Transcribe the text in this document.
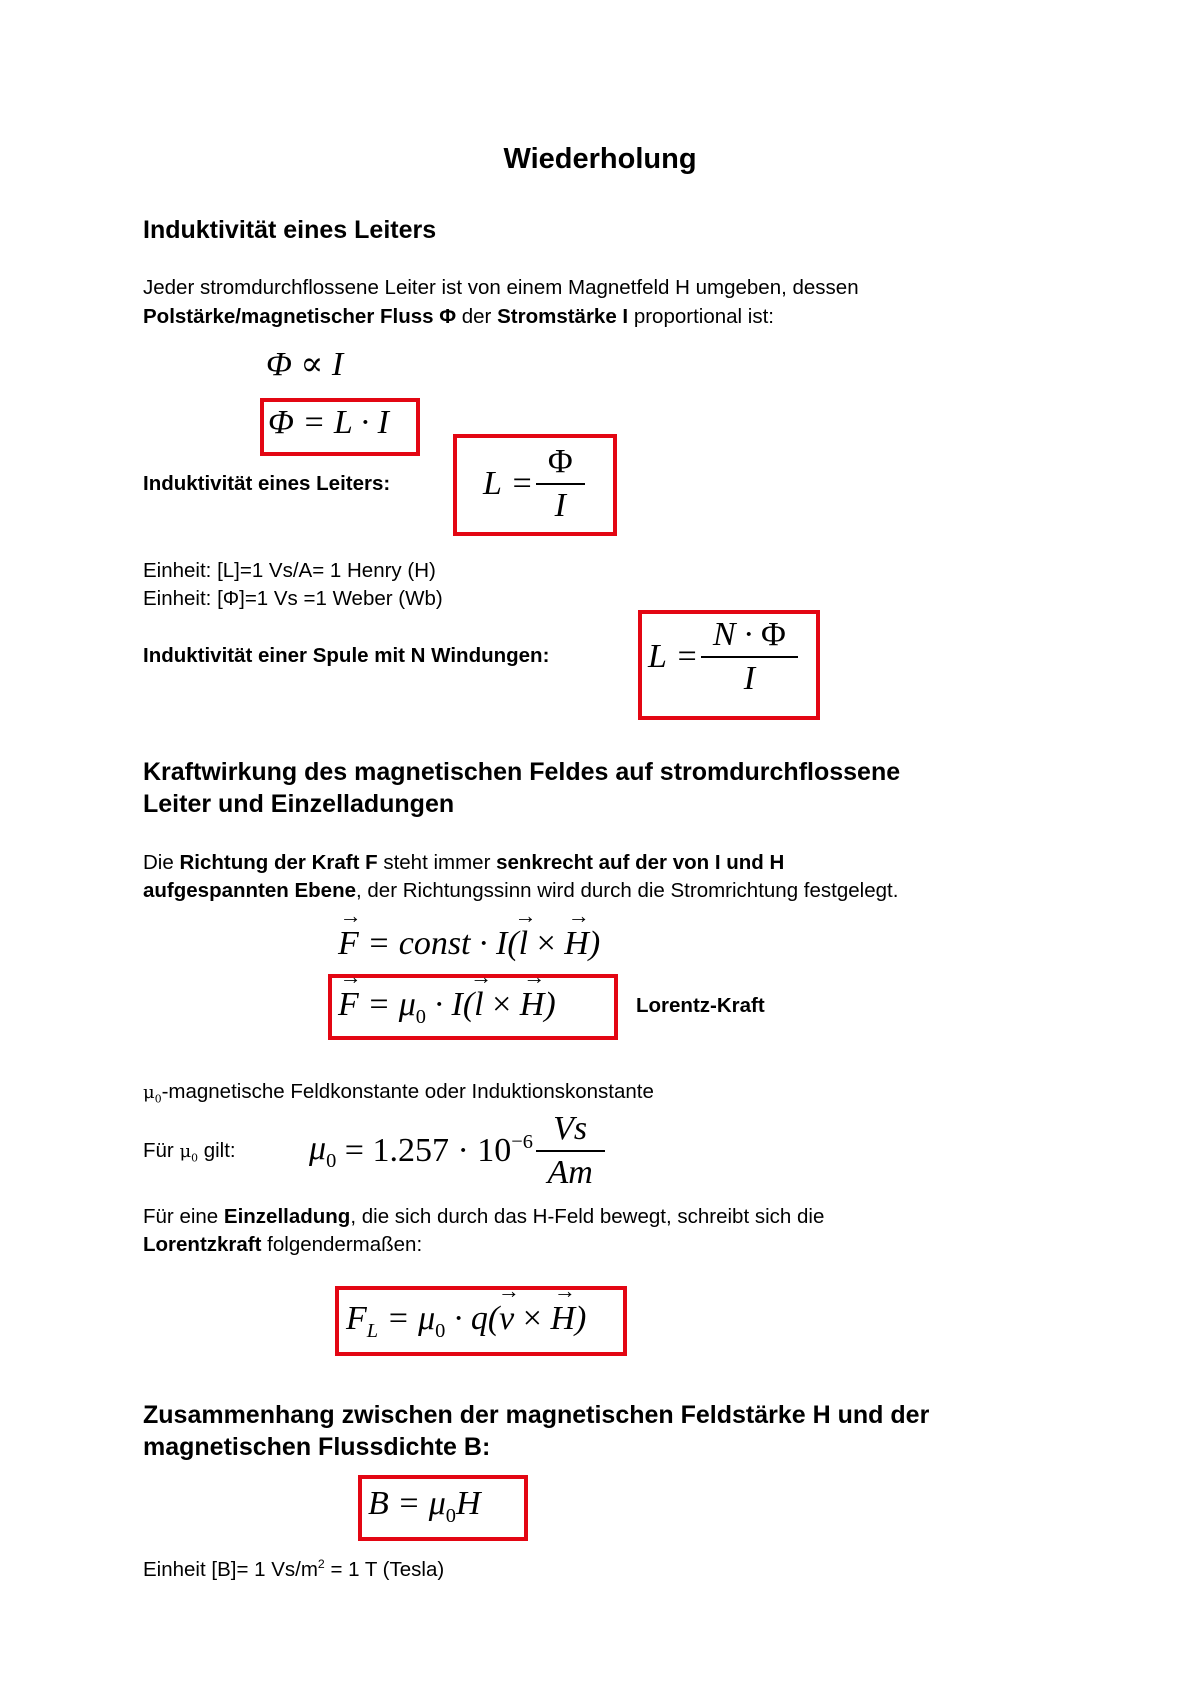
Wiederholung
Induktivität eines Leiters

Jeder stromdurchflossene Leiter ist von einem Magnetfeld H umgeben, dessen

Polstärke/magnetischer Fluss Φ der Stromstärke I proportional ist:

Φ ∝ I
Φ = L · I

Induktivität eines Leiters:	$L = \frac{\Phi}{I}$

Einheit: [L]=1 Vs/A= 1 Henry (H)

Einheit: [Φ]=1 Vs =1 Weber (Wb)

Induktivität einer Spule mit N Windungen:	$L = \frac{N \cdot \Phi}{I}$
Kraftwirkung des magnetischen Feldes auf stromdurchflossene
Leiter und Einzelladungen

Die Richtung der Kraft F steht immer senkrecht auf der von I und H

aufgespannten Ebene, der Richtungssinn wird durch die Stromrichtung festgelegt.

→ F = const · I(→ l × → H)
→ $F = \mu_0 \cdot I(\to l$ × → H)	Lorentz-Kraft

$\mu_0$-magnetische Feldkonstante oder Induktionskonstante

Für $\mu_0$ gilt: $\mu_0 = 1.257 \cdot 10^{-6}$
$\frac{Vs}{Am}$

Für eine Einzelladung, die sich durch das H-Feld bewegt, schreibt sich die

Lorentzkraft folgendermaßen:

$F_L = \mu_0 \cdot q(\to v$ × → H)
Zusammenhang zwischen der magnetischen Feldstärke H und der
magnetischen Flussdichte B:
$B = \mu_0H$

Einheit [B]= 1 $Vs/m^2 = 1$ T (Tesla)
